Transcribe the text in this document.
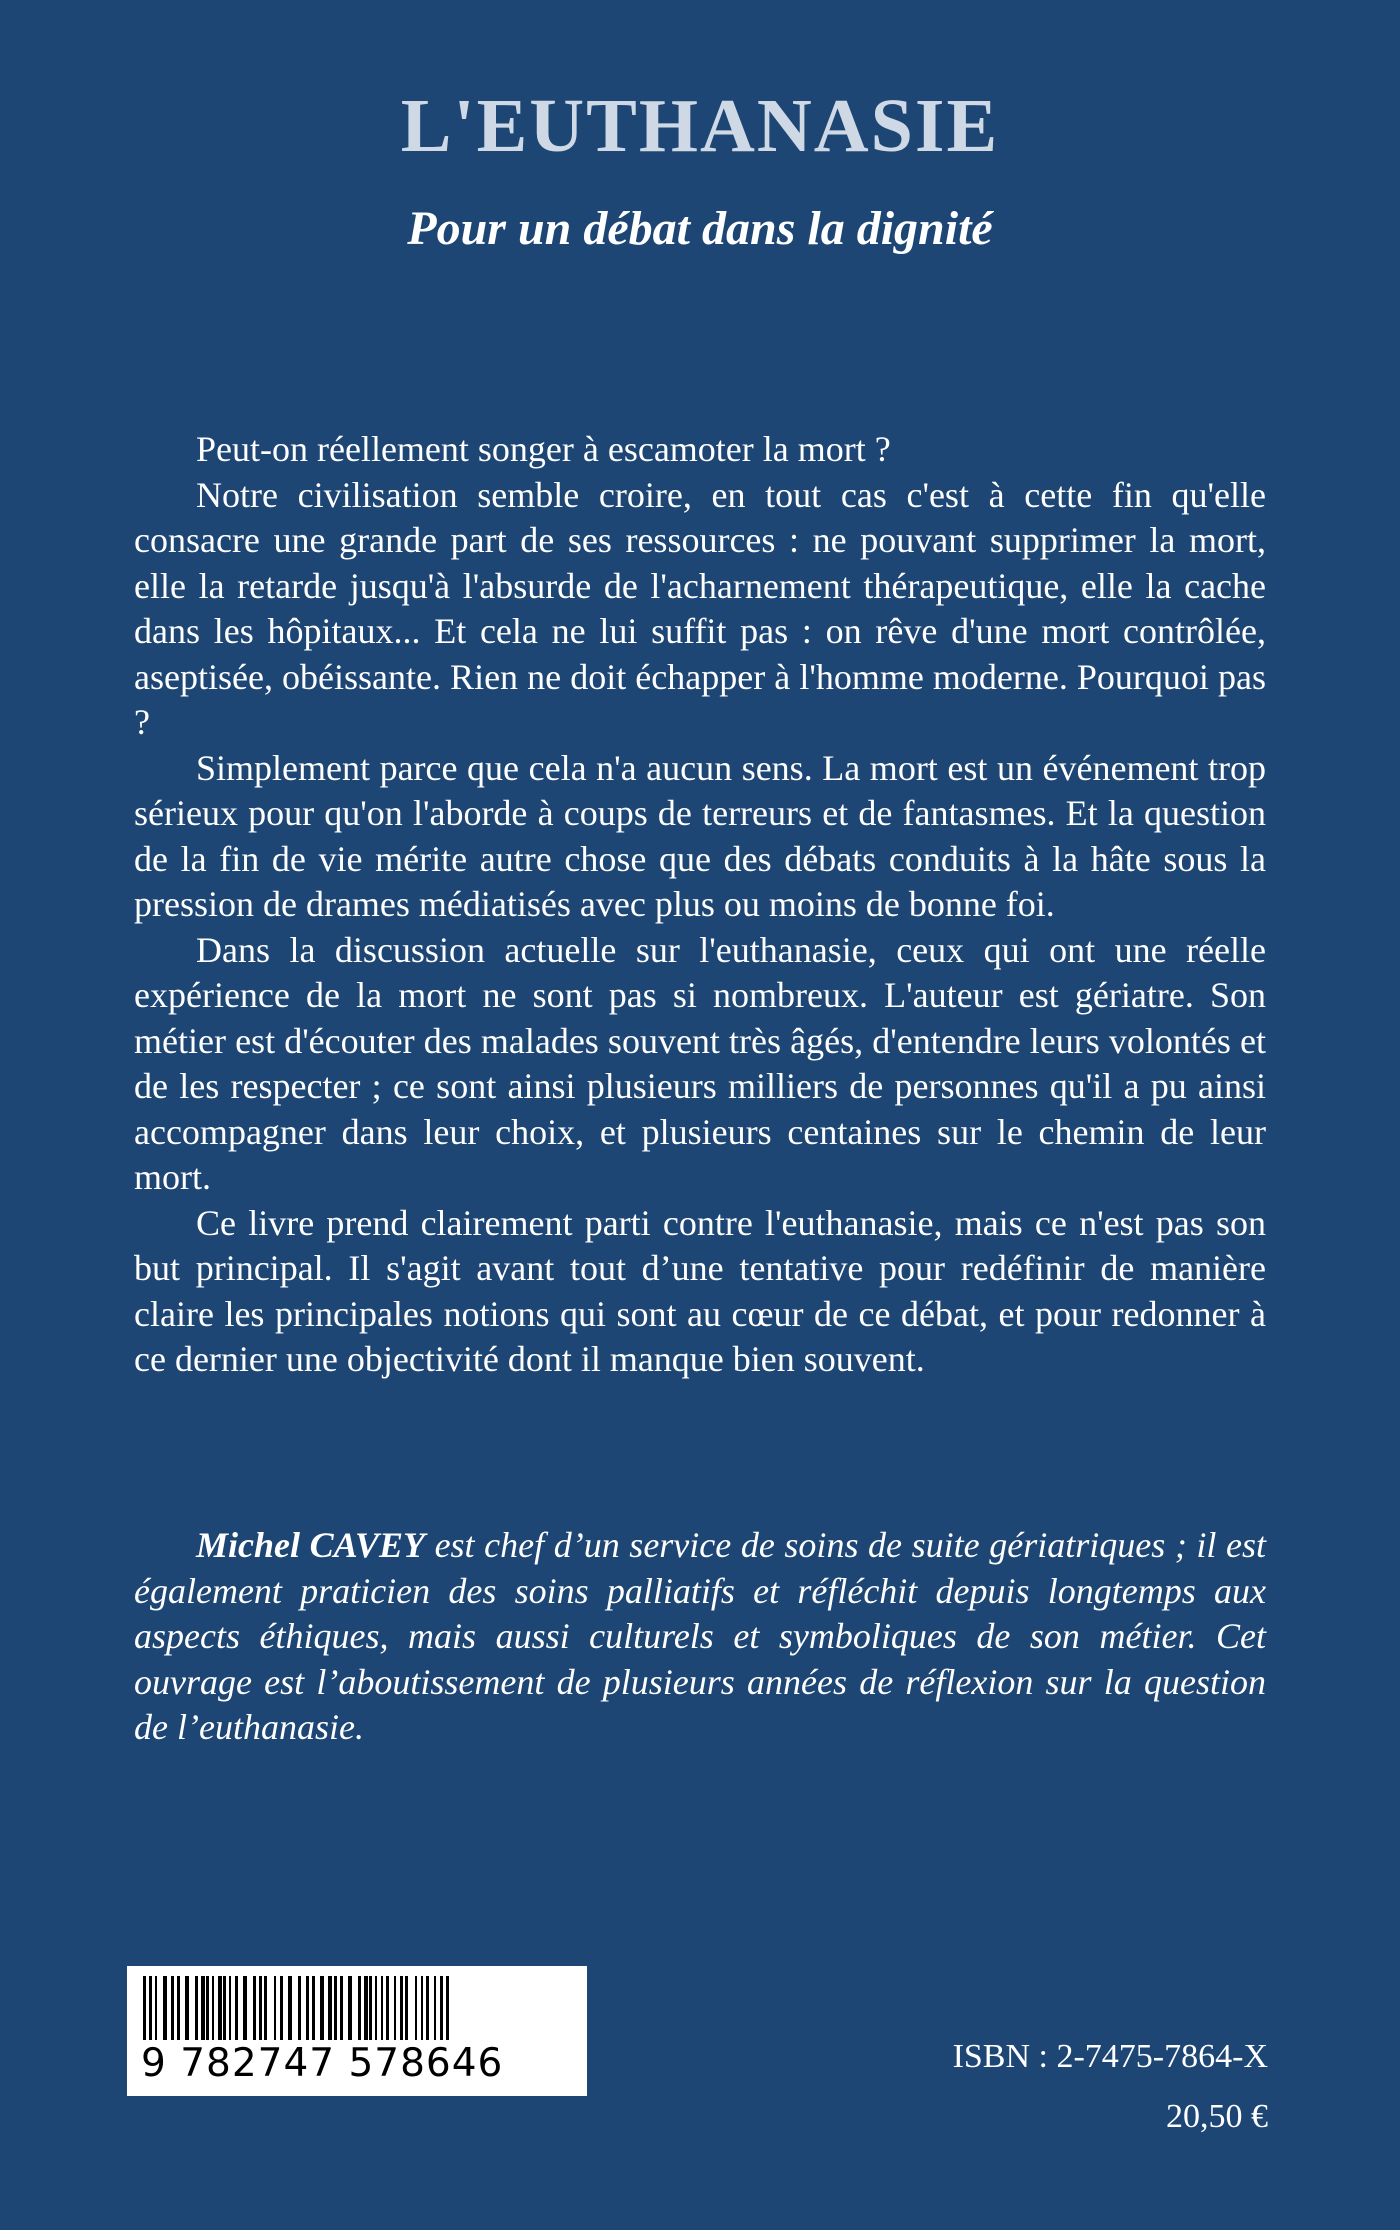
L'EUTHANASIE
Pour un débat dans la dignité

Peut-on réellement songer à escamoter la mort ?

Notre civilisation semble croire, en tout cas c'est à cette fin qu'elle consacre une grande part de ses ressources : ne pouvant supprimer la mort, elle la retarde jusqu'à l'absurde de l'acharnement thérapeutique, elle la cache dans les hôpitaux... Et cela ne lui suffit pas : on rêve d'une mort contrôlée, aseptisée, obéissante. Rien ne doit échapper à l'homme moderne. Pourquoi pas ?

Simplement parce que cela n'a aucun sens. La mort est un événement trop sérieux pour qu'on l'aborde à coups de terreurs et de fantasmes. Et la question de la fin de vie mérite autre chose que des débats conduits à la hâte sous la pression de drames médiatisés avec plus ou moins de bonne foi.

Dans la discussion actuelle sur l'euthanasie, ceux qui ont une réelle expérience de la mort ne sont pas si nombreux. L'auteur est gériatre. Son métier est d'écouter des malades souvent très âgés, d'entendre leurs volontés et de les respecter ; ce sont ainsi plusieurs milliers de personnes qu'il a pu ainsi accompagner dans leur choix, et plusieurs centaines sur le chemin de leur mort.

Ce livre prend clairement parti contre l'euthanasie, mais ce n'est pas son but principal. Il s'agit avant tout d’une tentative pour redéfinir de manière claire les principales notions qui sont au cœur de ce débat, et pour redonner à ce dernier une objectivité dont il manque bien souvent.

Michel CAVEY est chef d’un service de soins de suite gériatriques ; il est également praticien des soins palliatifs et réfléchit depuis longtemps aux aspects éthiques, mais aussi culturels et symboliques de son métier. Cet ouvrage est l’aboutissement de plusieurs années de réflexion sur la question de l’euthanasie.

9 782747 578646	ISBN : 2-7475-7864-X

20,50 €
